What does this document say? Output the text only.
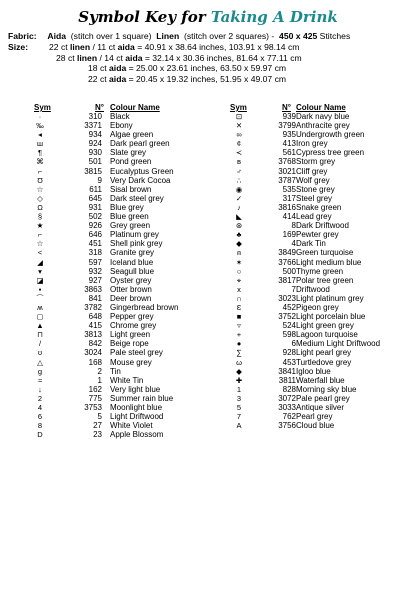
Symbol Key for Taking A Drink
Fabric: Aida (stitch over 1 square) Linen (stitch over 2 squares) - 450 x 425 Stitches
Size: 22 ct linen / 11 ct aida = 40.91 x 38.64 inches, 103.91 x 98.14 cm
28 ct linen / 14 ct aida = 32.14 x 30.36 inches, 81.64 x 77.11 cm
18 ct aida = 25.00 x 23.61 inches, 63.50 x 59.97 cm
22 ct aida = 20.45 x 19.32 inches, 51.95 x 49.07 cm
Sym	N° Colour Name	Sym	N° Colour Name
·	310 Black
‰	3371 Ebony
◂	934 Algae green
ш	924 Dark pearl green
¶	930 Slate grey
⌘	501 Pond green
⌐	3815 Eucalyptus Green
Ʊ	9 Very Dark Cocoa
☆	611 Sisal brown
◇	645 Dark steel grey
Ω	931 Blue grey
§	502 Blue green
★	926 Grey green
⌐	646 Platinum grey
☆	451 Shell pink grey
<	318 Granite grey
◢	597 Iceland blue
▾	932 Seagull blue
◪	927 Oyster grey
▪	3863 Otter brown
⌒	841 Deer brown
ʍ	3782 Gingerbread brown
◻	648 Pepper grey
▲	415 Chrome grey
⊓	3813 Light green
/	842 Beige rope
ʊ	3024 Pale steel grey
△	168 Mouse grey
g	2 Tin
≈	1 White Tin
↓	162 Very light blue
2	775 Summer rain blue
4	3753 Moonlight blue
6	5 Light Driftwood
8	27 White Violet
D	23 Apple Blossom
⊡	939 Dark navy blue
✕	3799 Anthracite grey
∞	935 Undergrowth green
¢	413 Iron grey
≺	561 Cypress tree green
ʙ	3768 Storm grey
♂	3021 Cliff grey
∴	3787 Wolf grey
◉	535 Stone grey
✓	317 Steel grey
♪	3816 Snake green
◣	414 Lead grey
⊛	8 Dark Driftwood
♣	169 Pewter grey
◆	4 Dark Tin
⍝	3849 Green turquoise
✶	3766 Light medium blue
○	500 Thyme green
⌖	3817 Polar tree green
x	7 Driftwood
∩	3023 Light platinum grey
Ɛ	452 Pigeon grey
■	3752 Light porcelain blue
▿	524 Light green grey
+	598 Lagoon turquoise
●	6 Medium Light Driftwood
∑	928 Light pearl grey
ω	453 Turtledove grey
◆	3841 Igloo blue
✚	3811 Waterfall blue
1	828 Morning sky blue
3	3072 Pale pearl grey
5	3033 Antique silver
7	762 Pearl grey
A	3756 Cloud blue
